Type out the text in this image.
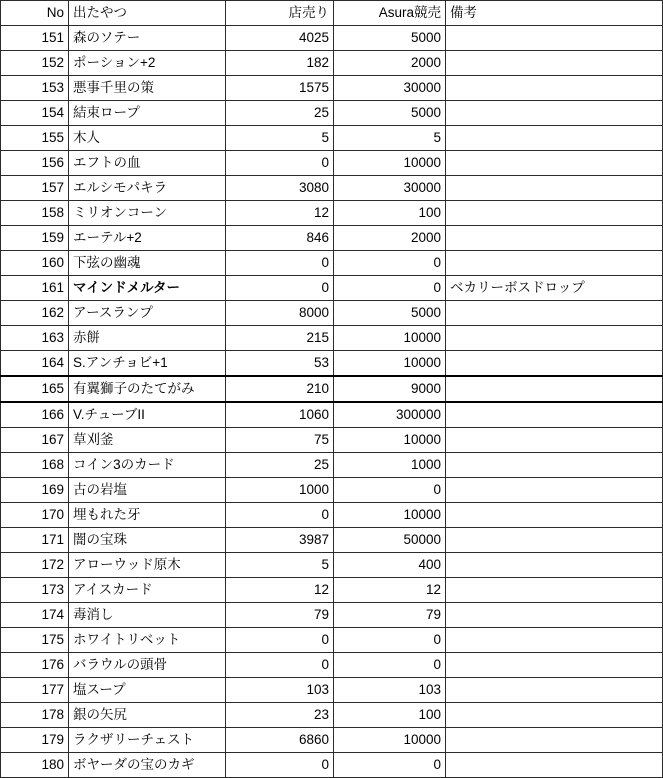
No	出たやつ	店売り	Asura競売	備考
151	森のソテー	4025	5000	
152	ポーション+2	182	2000	
153	悪事千里の策	1575	30000	
154	結束ロープ	25	5000	
155	木人	5	5	
156	エフトの血	0	10000	
157	エルシモパキラ	3080	30000	
158	ミリオンコーン	12	100	
159	エーテル+2	846	2000	
160	下弦の幽魂	0	0	
161	マインドメルター	0	0	ベカリーボスドロップ
162	アースランプ	8000	5000	
163	赤餅	215	10000	
164	S.アンチョビ+1	53	10000	
165	有翼獅子のたてがみ	210	9000	
166	V.チューブII	1060	300000	
167	草刈釜	75	10000	
168	コイン3のカード	25	1000	
169	古の岩塩	1000	0	
170	埋もれた牙	0	10000	
171	闇の宝珠	3987	50000	
172	アローウッド原木	5	400	
173	アイスカード	12	12	
174	毒消し	79	79	
175	ホワイトリベット	0	0	
176	バラウルの頭骨	0	0	
177	塩スープ	103	103	
178	銀の矢尻	23	100	
179	ラクザリーチェスト	6860	10000	
180	ボヤーダの宝のカギ	0	0	
